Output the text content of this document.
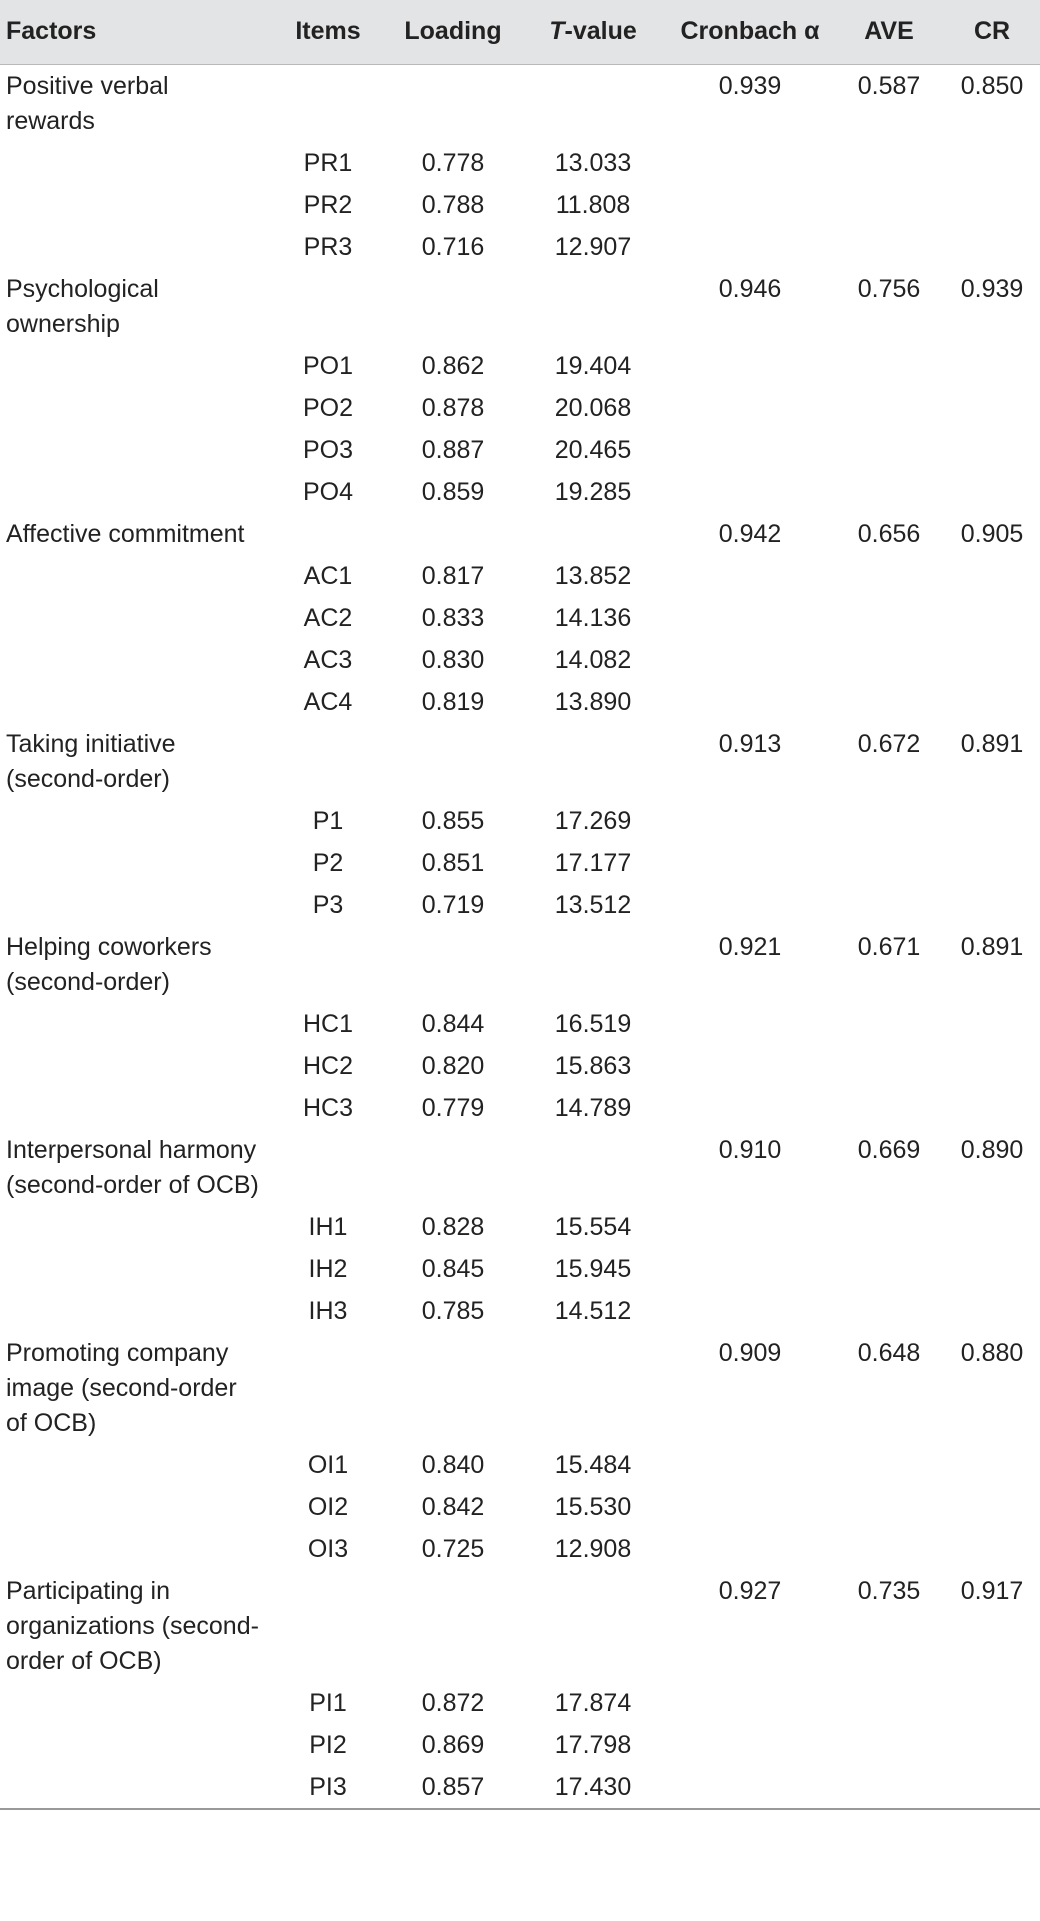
Factors	Items	Loading	T-value	Cronbach α	AVE	CR
Positive verbal rewards				0.939	0.587	0.850
	PR1	0.778	13.033			
	PR2	0.788	11.808			
	PR3	0.716	12.907			
Psychological ownership				0.946	0.756	0.939
	PO1	0.862	19.404			
	PO2	0.878	20.068			
	PO3	0.887	20.465			
	PO4	0.859	19.285			
Affective commitment				0.942	0.656	0.905
	AC1	0.817	13.852			
	AC2	0.833	14.136			
	AC3	0.830	14.082			
	AC4	0.819	13.890			
Taking initiative (second-order)				0.913	0.672	0.891
	P1	0.855	17.269			
	P2	0.851	17.177			
	P3	0.719	13.512			
Helping coworkers (second-order)				0.921	0.671	0.891
	HC1	0.844	16.519			
	HC2	0.820	15.863			
	HC3	0.779	14.789			
Interpersonal harmony (second-order of OCB)				0.910	0.669	0.890
	IH1	0.828	15.554			
	IH2	0.845	15.945			
	IH3	0.785	14.512			
Promoting company image (second-order of OCB)				0.909	0.648	0.880
	OI1	0.840	15.484			
	OI2	0.842	15.530			
	OI3	0.725	12.908			
Participating in organizations (second-order of OCB)				0.927	0.735	0.917
	PI1	0.872	17.874			
	PI2	0.869	17.798			
	PI3	0.857	17.430			
